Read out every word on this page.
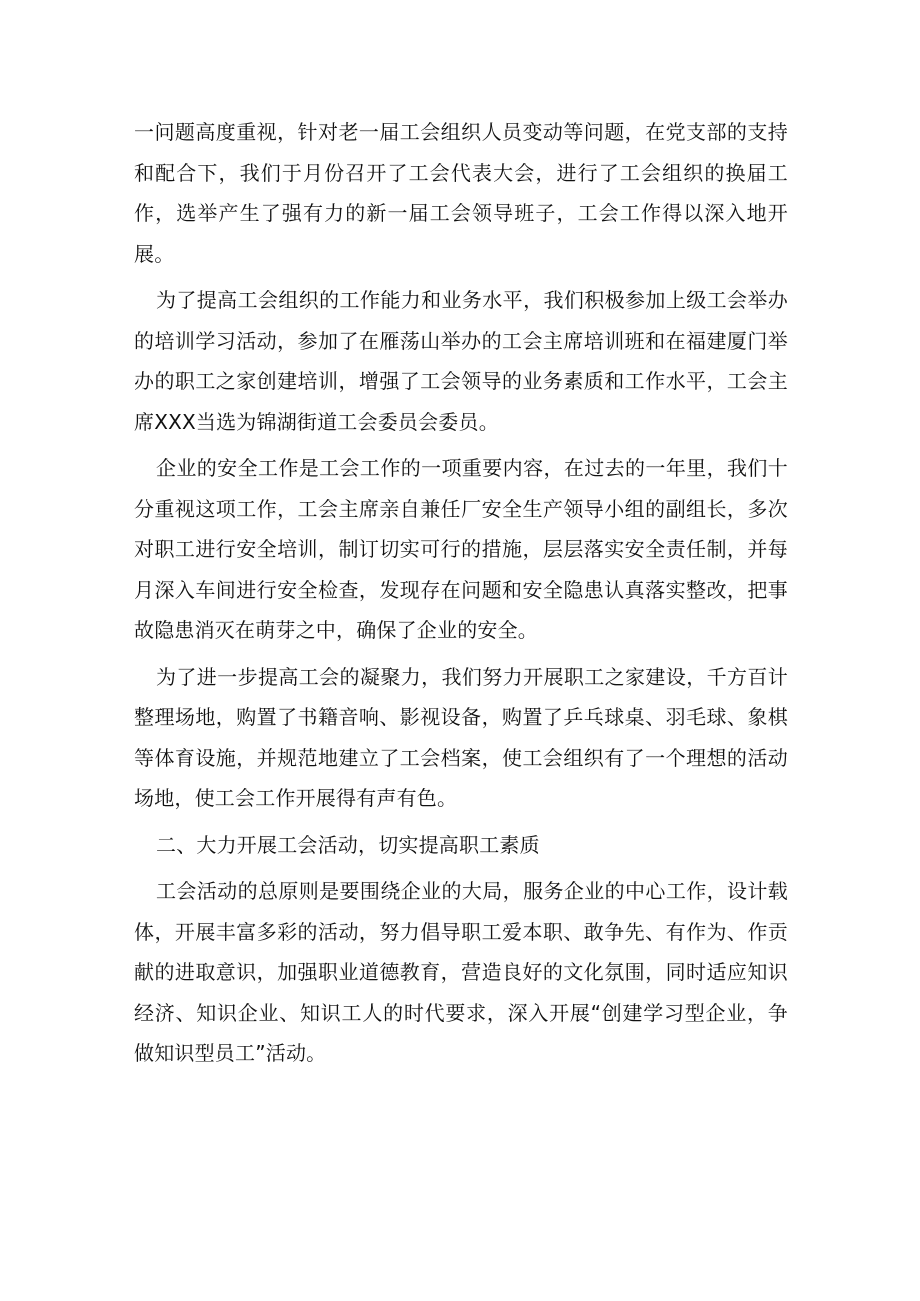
一问题高度重视，针对老一届工会组织人员变动等问题，在党支部的支持和配合下，我们于月份召开了工会代表大会，进行了工会组织的换届工作，选举产生了强有力的新一届工会领导班子，工会工作得以深入地开展。

为了提高工会组织的工作能力和业务水平，我们积极参加上级工会举办的培训学习活动，参加了在雁荡山举办的工会主席培训班和在福建厦门举办的职工之家创建培训，增强了工会领导的业务素质和工作水平，工会主席XXX当选为锦湖街道工会委员会委员。

企业的安全工作是工会工作的一项重要内容，在过去的一年里，我们十分重视这项工作，工会主席亲自兼任厂安全生产领导小组的副组长，多次对职工进行安全培训，制订切实可行的措施，层层落实安全责任制，并每月深入车间进行安全检查，发现存在问题和安全隐患认真落实整改，把事故隐患消灭在萌芽之中，确保了企业的安全。

为了进一步提高工会的凝聚力，我们努力开展职工之家建设，千方百计整理场地，购置了书籍音响、影视设备，购置了乒乓球桌、羽毛球、象棋等体育设施，并规范地建立了工会档案，使工会组织有了一个理想的活动场地，使工会工作开展得有声有色。

二、大力开展工会活动，切实提高职工素质

工会活动的总原则是要围绕企业的大局，服务企业的中心工作，设计载体，开展丰富多彩的活动，努力倡导职工爱本职、敢争先、有作为、作贡献的进取意识，加强职业道德教育，营造良好的文化氛围，同时适应知识经济、知识企业、知识工人的时代要求，深入开展“创建学习型企业，争做知识型员工”活动。
